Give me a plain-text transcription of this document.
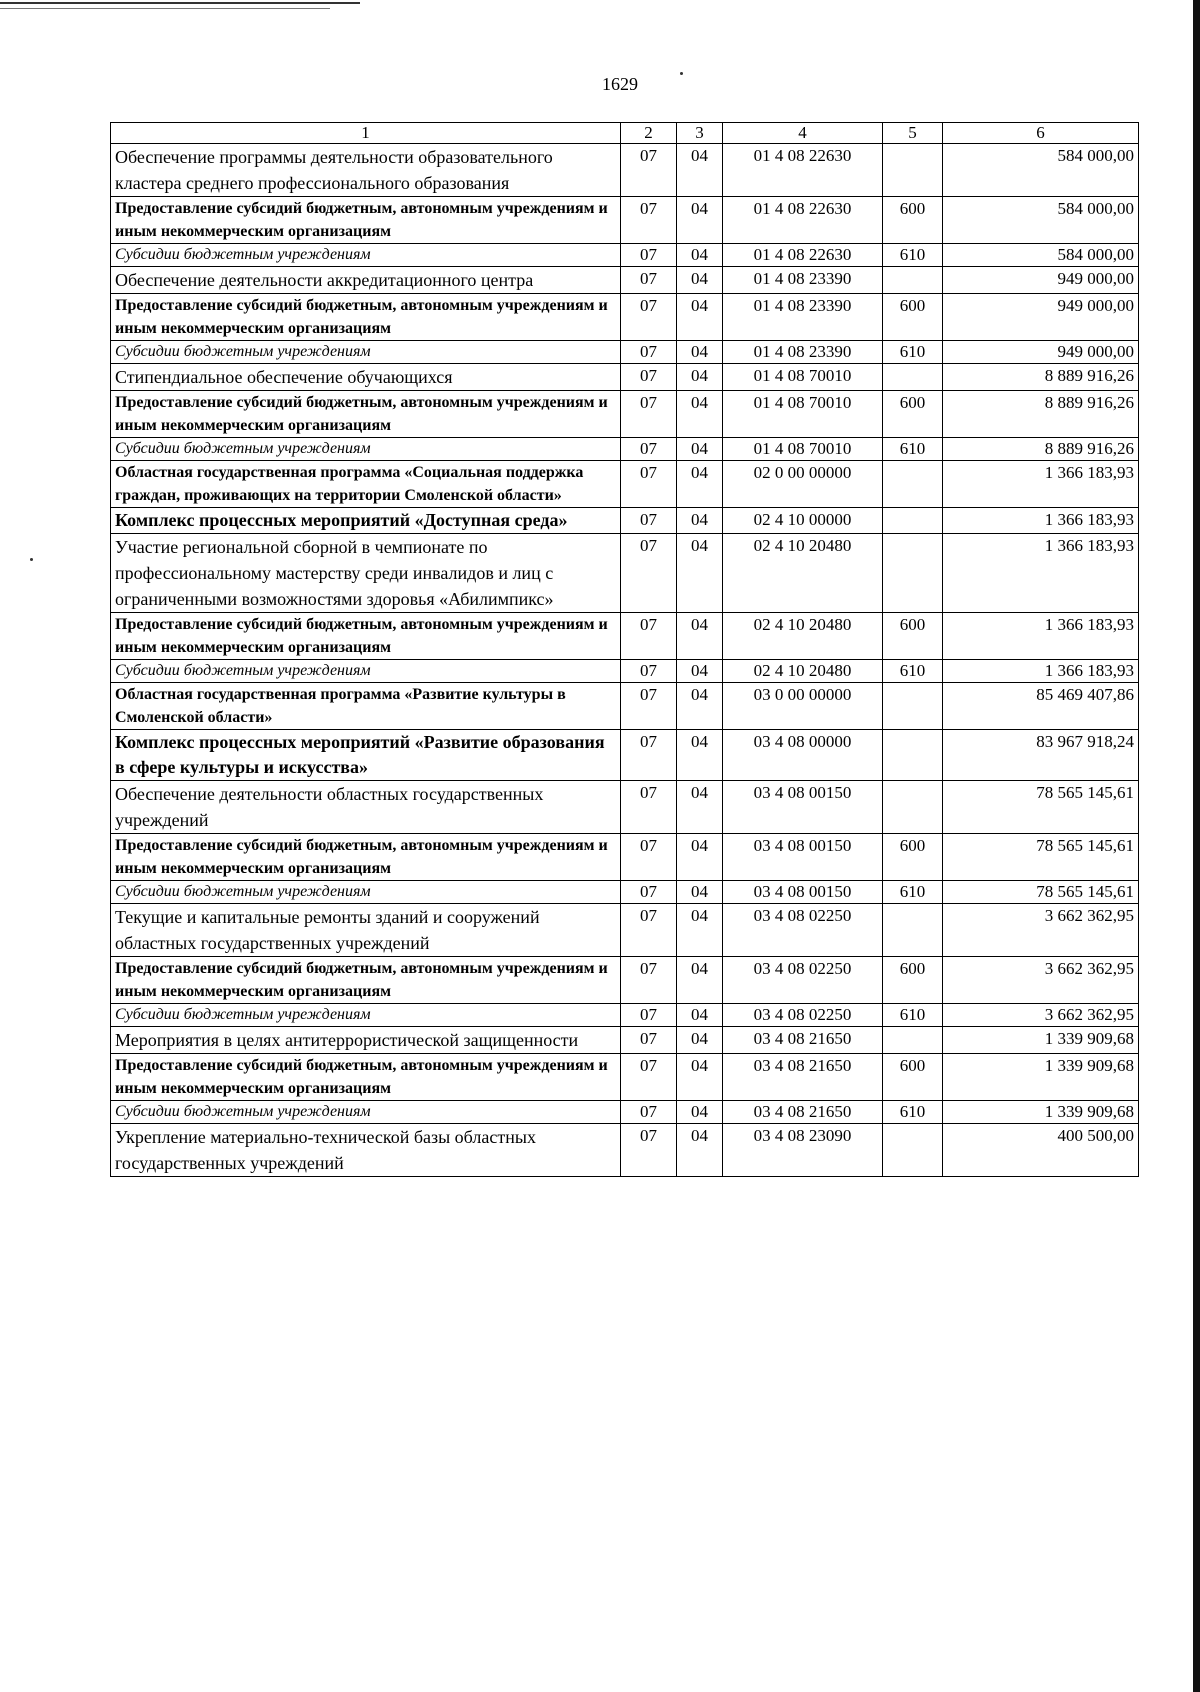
1629
1	2	3	4	5	6
Обеспечение программы деятельности образовательного кластера среднего профессионального образования	07	04	01 4 08 22630		584 000,00
Предоставление субсидий бюджетным, автономным учреждениям и иным некоммерческим организациям	07	04	01 4 08 22630	600	584 000,00
Субсидии бюджетным учреждениям	07	04	01 4 08 22630	610	584 000,00
Обеспечение деятельности аккредитационного центра	07	04	01 4 08 23390		949 000,00
Предоставление субсидий бюджетным, автономным учреждениям и иным некоммерческим организациям	07	04	01 4 08 23390	600	949 000,00
Субсидии бюджетным учреждениям	07	04	01 4 08 23390	610	949 000,00
Стипендиальное обеспечение обучающихся	07	04	01 4 08 70010		8 889 916,26
Предоставление субсидий бюджетным, автономным учреждениям и иным некоммерческим организациям	07	04	01 4 08 70010	600	8 889 916,26
Субсидии бюджетным учреждениям	07	04	01 4 08 70010	610	8 889 916,26
Областная государственная программа «Социальная поддержка граждан, проживающих на территории Смоленской области»	07	04	02 0 00 00000		1 366 183,93
Комплекс процессных мероприятий «Доступная среда»	07	04	02 4 10 00000		1 366 183,93
Участие региональной сборной в чемпионате по профессиональному мастерству среди инвалидов и лиц с ограниченными возможностями здоровья «Абилимпикс»	07	04	02 4 10 20480		1 366 183,93
Предоставление субсидий бюджетным, автономным учреждениям и иным некоммерческим организациям	07	04	02 4 10 20480	600	1 366 183,93
Субсидии бюджетным учреждениям	07	04	02 4 10 20480	610	1 366 183,93
Областная государственная программа «Развитие культуры в Смоленской области»	07	04	03 0 00 00000		85 469 407,86
Комплекс процессных мероприятий «Развитие образования в сфере культуры и искусства»	07	04	03 4 08 00000		83 967 918,24
Обеспечение деятельности областных государственных учреждений	07	04	03 4 08 00150		78 565 145,61
Предоставление субсидий бюджетным, автономным учреждениям и иным некоммерческим организациям	07	04	03 4 08 00150	600	78 565 145,61
Субсидии бюджетным учреждениям	07	04	03 4 08 00150	610	78 565 145,61
Текущие и капитальные ремонты зданий и сооружений областных государственных учреждений	07	04	03 4 08 02250		3 662 362,95
Предоставление субсидий бюджетным, автономным учреждениям и иным некоммерческим организациям	07	04	03 4 08 02250	600	3 662 362,95
Субсидии бюджетным учреждениям	07	04	03 4 08 02250	610	3 662 362,95
Мероприятия в целях антитеррористической защищенности	07	04	03 4 08 21650		1 339 909,68
Предоставление субсидий бюджетным, автономным учреждениям и иным некоммерческим организациям	07	04	03 4 08 21650	600	1 339 909,68
Субсидии бюджетным учреждениям	07	04	03 4 08 21650	610	1 339 909,68
Укрепление материально-технической базы областных государственных учреждений	07	04	03 4 08 23090		400 500,00
